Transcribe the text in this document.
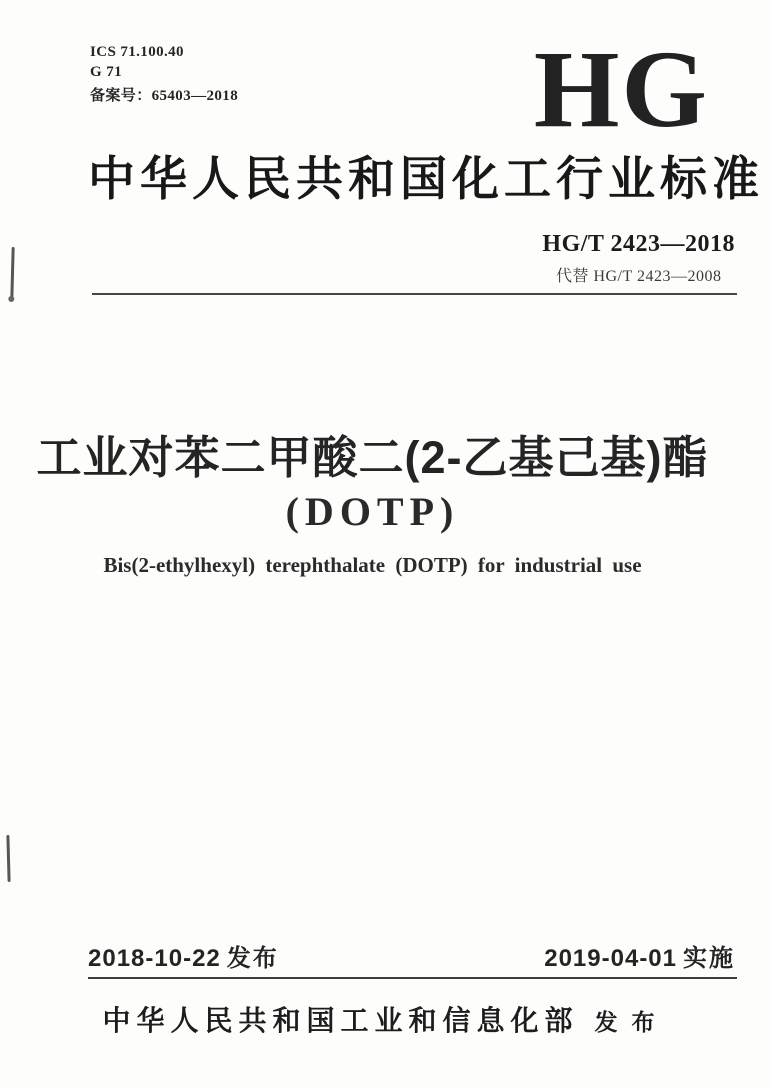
ICS 71.100.40
G 71
备案号：65403—2018	HG
中华人民共和国化工行业标准
HG/T 2423—2018
代替 HG/T 2423—2008
工业对苯二甲酸二(2-乙基己基)酯
(DOTP)
Bis(2-ethylhexyl) terephthalate (DOTP) for industrial use
2018-10-22 发布	2019-04-01 实施
中华人民共和国工业和信息化部 发布
